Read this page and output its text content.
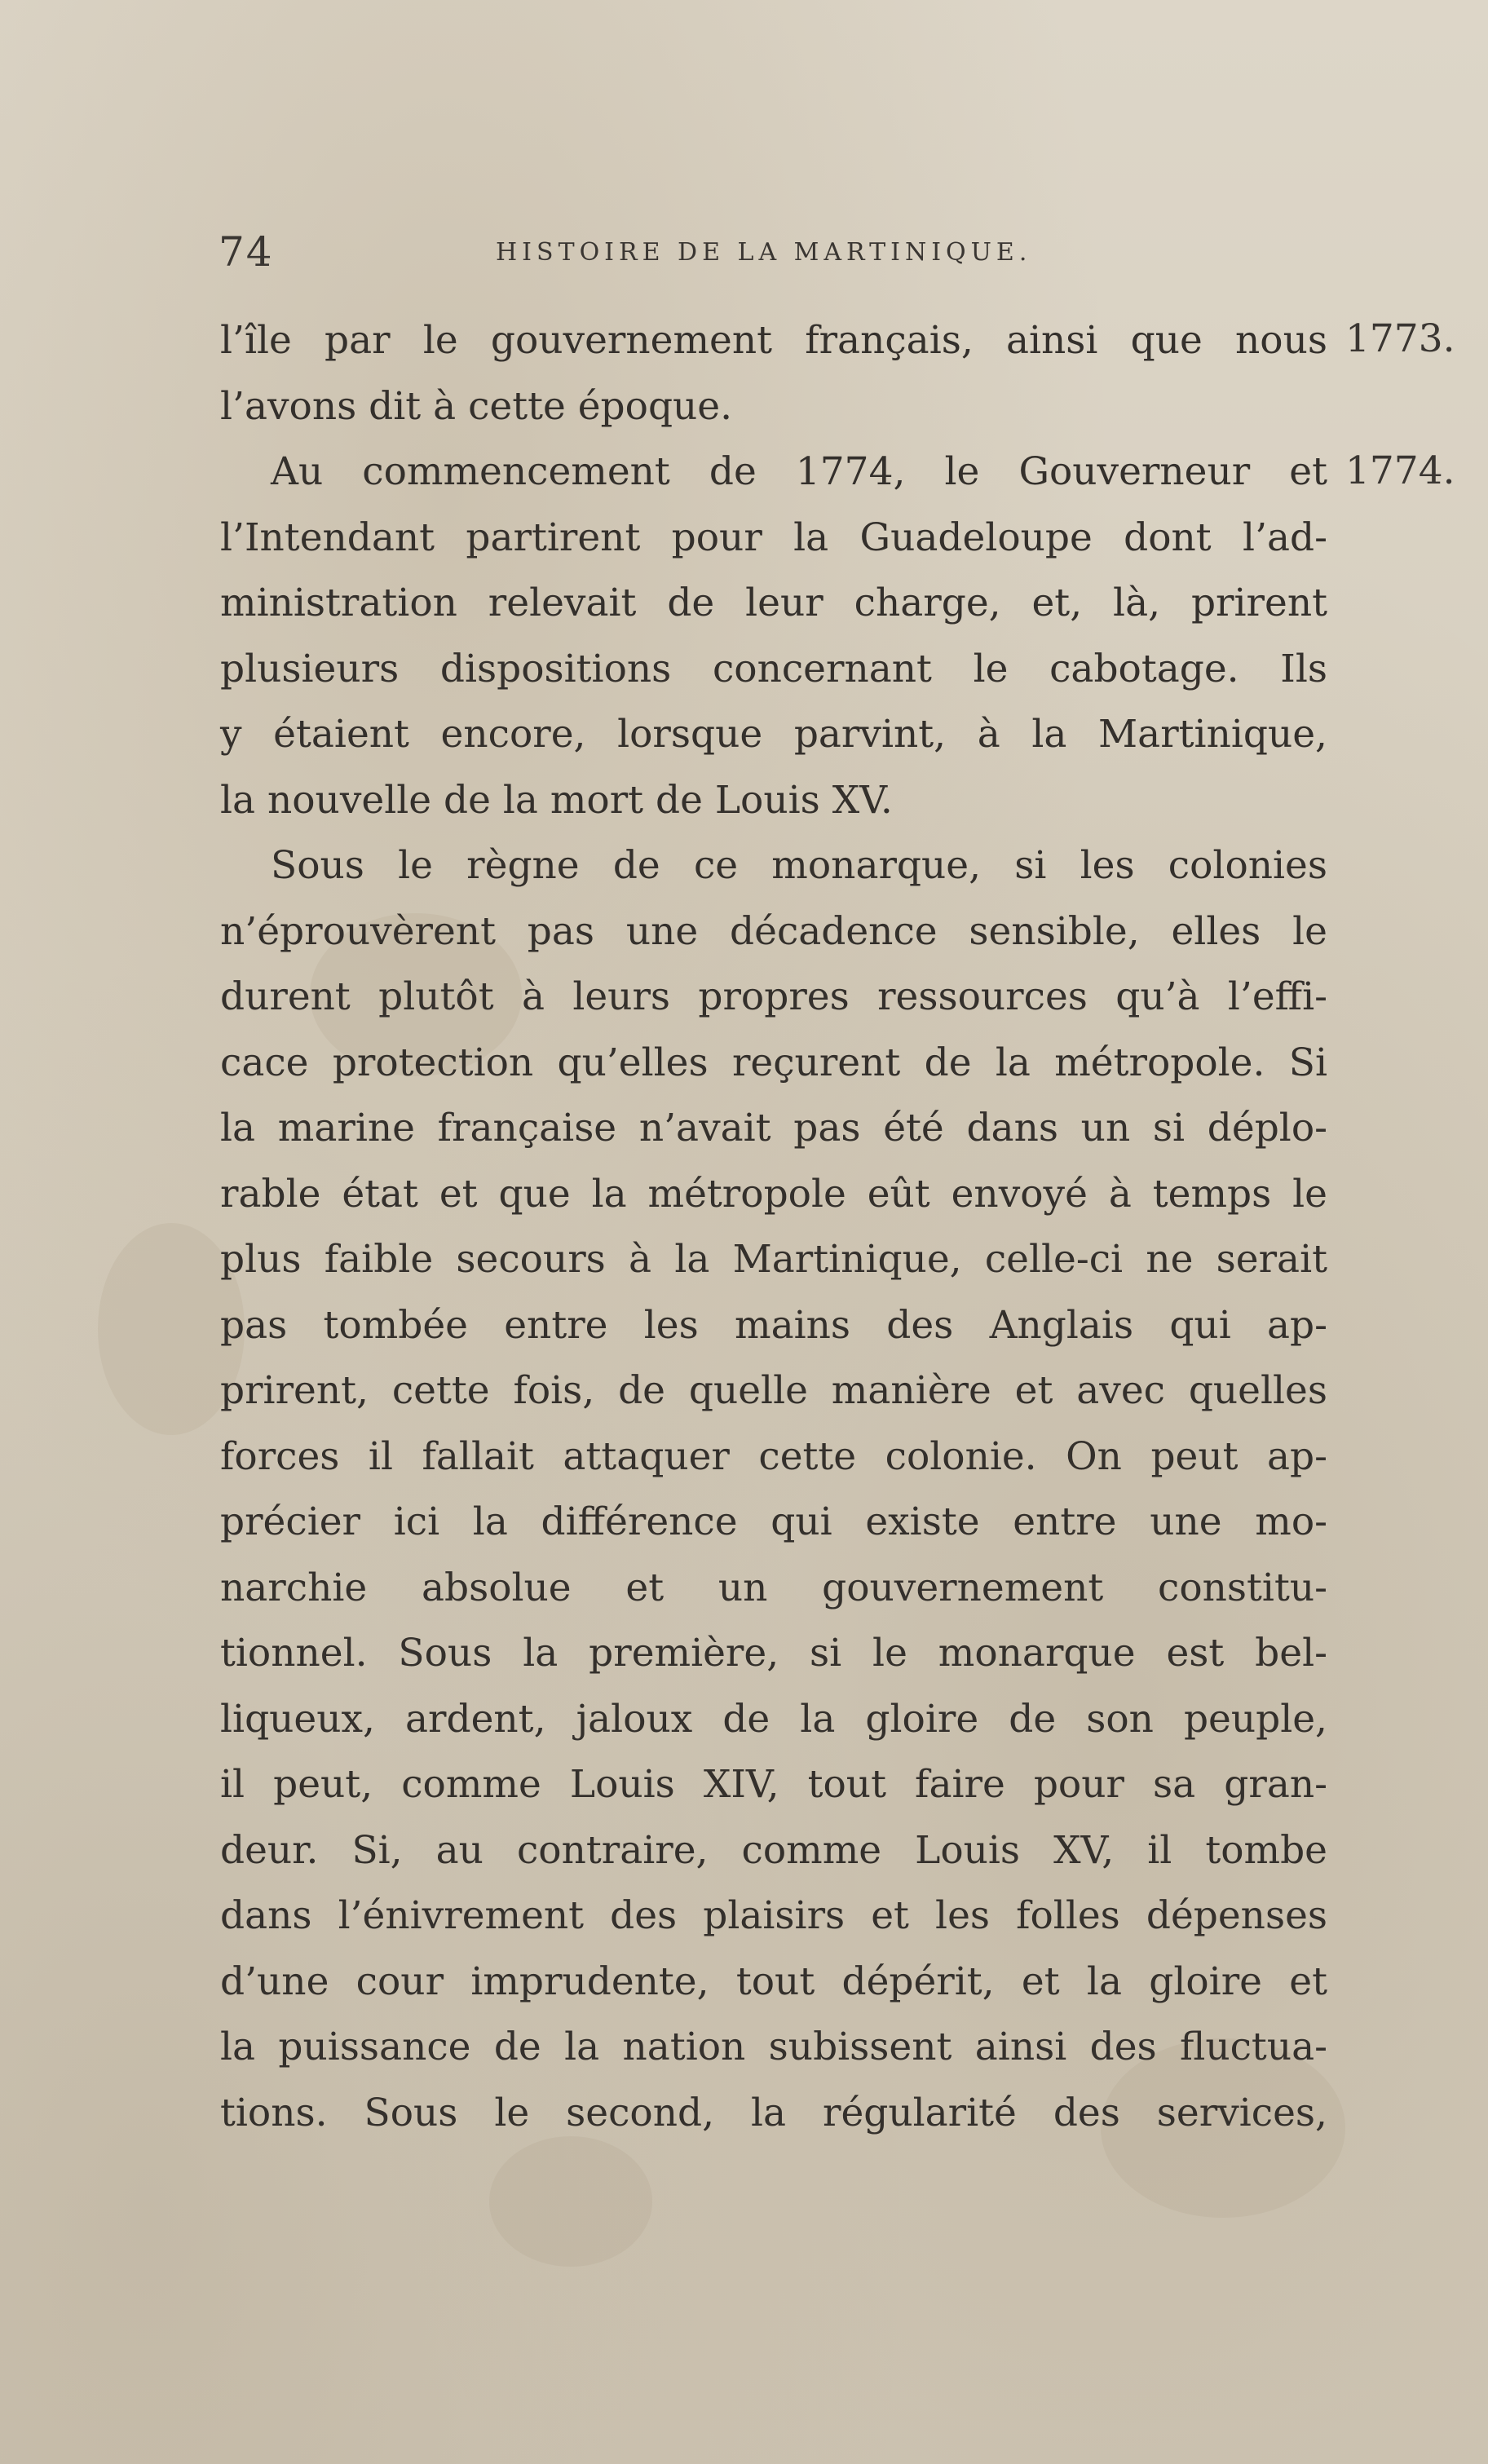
74	HISTOIRE DE LA MARTINIQUE.
1773.
1774.
l’île par le gouvernement français, ainsi que nous
l’avons dit à cette époque.
Au commencement de 1774, le Gouverneur et
l’Intendant partirent pour la Guadeloupe dont l’ad-
ministration relevait de leur charge, et, là, prirent
plusieurs dispositions concernant le cabotage. Ils
y étaient encore, lorsque parvint, à la Martinique,
la nouvelle de la mort de Louis XV.
Sous le règne de ce monarque, si les colonies
n’éprouvèrent pas une décadence sensible, elles le
durent plutôt à leurs propres ressources qu’à l’effi-
cace protection qu’elles reçurent de la métropole. Si
la marine française n’avait pas été dans un si déplo-
rable état et que la métropole eût envoyé à temps le
plus faible secours à la Martinique, celle-ci ne serait
pas tombée entre les mains des Anglais qui ap-
prirent, cette fois, de quelle manière et avec quelles
forces il fallait attaquer cette colonie. On peut ap-
précier ici la différence qui existe entre une mo-
narchie absolue et un gouvernement constitu-
tionnel. Sous la première, si le monarque est bel-
liqueux, ardent, jaloux de la gloire de son peuple,
il peut, comme Louis XIV, tout faire pour sa gran-
deur. Si, au contraire, comme Louis XV, il tombe
dans l’énivrement des plaisirs et les folles dépenses
d’une cour imprudente, tout dépérit, et la gloire et
la puissance de la nation subissent ainsi des fluctua-
tions. Sous le second, la régularité des services,
